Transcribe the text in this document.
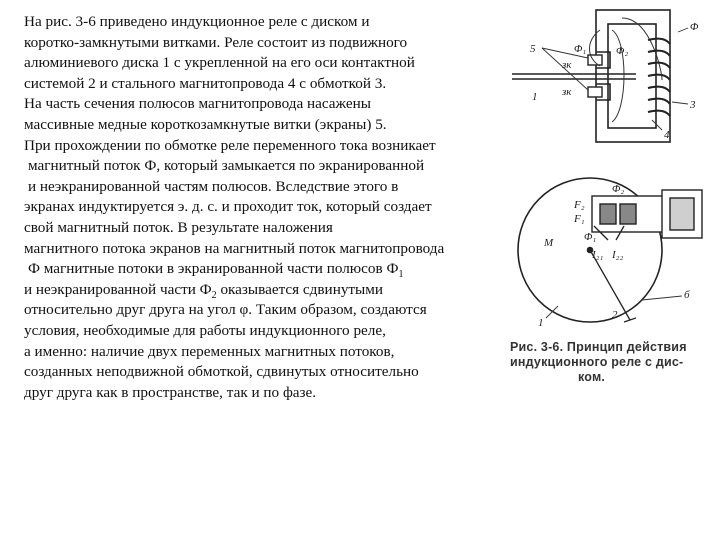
На рис. 3-6 приведено индукционное реле с диском и
коротко-замкнутыми витками. Реле состоит из подвижного
алюминиевого диска 1 с укрепленной на его оси контактной
системой 2 и стального магнитопровода 4 с обмоткой 3.
На часть сечения полюсов магнитопровода насажены
массивные медные короткозамкнутые витки (экраны) 5.
При прохождении по обмотке реле переменного тока возникает
магнитный поток Ф, который замыкается по экранированной
и неэкранированной частям полюсов. Вследствие этого в
экранах индуктируется э. д. с. и проходит ток, который создает
свой магнитный поток. В результате наложения
магнитного потока экранов на магнитный поток магнитопровода
Ф магнитные потоки в экранированной части полюсов $Ф_1$
и неэкранированной части $Ф_2$ оказывается сдвинутыми
относительно друг друга на угол φ. Таким образом, создаются
условия, необходимые для работы индукционного реле,
а именно: наличие двух переменных магнитных потоков,
созданных неподвижной обмоткой, сдвинутых относительно
друг друга как в пространстве, так и по фазе.
5	Φ₁	Φ₂
Φ
зк
зк
3
4
1
Φ₂
F₂
F₁
Φ₁
M
I₂₁ I₂₂
1
2
б
Рис. 3-6. Принцип действия
индукционного реле с дис-
ком.
